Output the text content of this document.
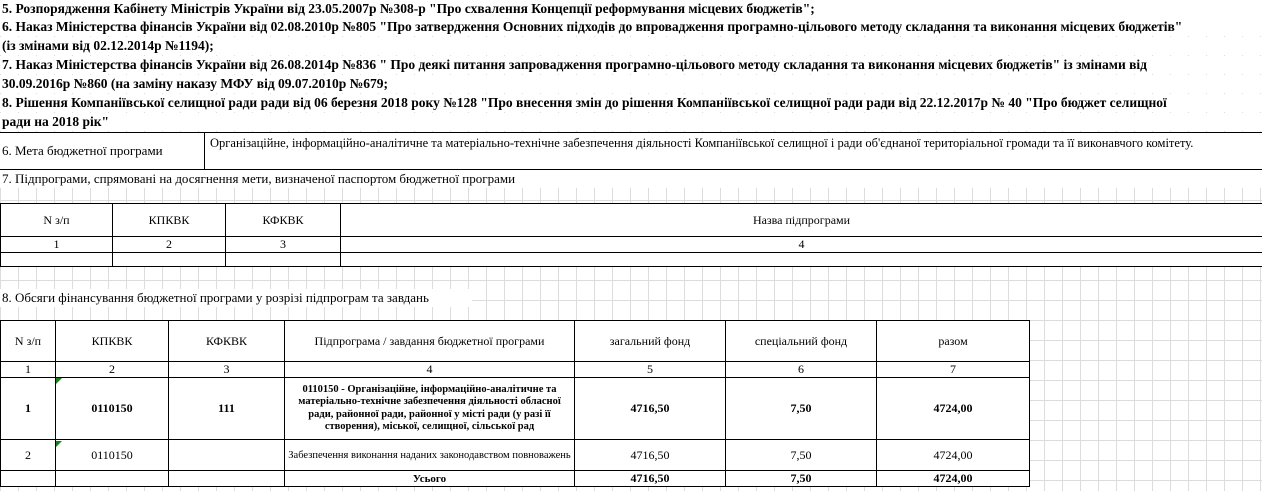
5. Розпорядження Кабінету Міністрів України від 23.05.2007р №308-р "Про схвалення Концепції реформування місцевих бюджетів";
6. Наказ Міністерства фінансів України від 02.08.2010р №805 "Про затвердження Основних підходів до впровадження програмно-цільового методу складання та виконання місцевих бюджетів"
(із змінами від 02.12.2014р №1194);
7. Наказ Міністерства фінансів України від 26.08.2014р №836 " Про деякі питання запровадження програмно-цільового методу складання та виконання місцевих бюджетів" із змінами від
30.09.2016р №860 (на заміну наказу МФУ від 09.07.2010р №679;
8. Рішення Компаніївської селищної ради ради від 06 березня 2018 року №128 "Про внесення змін до рішення Компаніївської селищної ради ради від 22.12.2017р № 40 "Про бюджет селищної
ради на 2018 рік"
6. Мета бюджетної програми	Організаційне, інформаційно-аналітичне та матеріально-технічне забезпечення діяльності Компаніївської селищної і ради об'єднаної територіальної громади та її виконавчого комітету.
7. Підпрограми, спрямовані на досягнення мети, визначеної паспортом бюджетної програми
N з/п	КПКВК	КФКВК	Назва підпрограми
1	2	3	4

8. Обсяги фінансування бюджетної програми у розрізі підпрограм та завдань
N з/п	КПКВК	КФКВК	Підпрограма / завдання бюджетної програми	загальний фонд	спеціальний фонд	разом
1	2	3	4	5	6	7
1	0110150	111	0110150 - Організаційне, інформаційно-аналітичне та матеріально-технічне забезпечення діяльності обласної ради, районної ради, районної у місті ради (у разі її створення), міської, селищної, сільської рад	4716,50	7,50	4724,00
2	0110150		Забезпечення виконання наданих законодавством повноважень	4716,50	7,50	4724,00
			Усього	4716,50	7,50	4724,00
